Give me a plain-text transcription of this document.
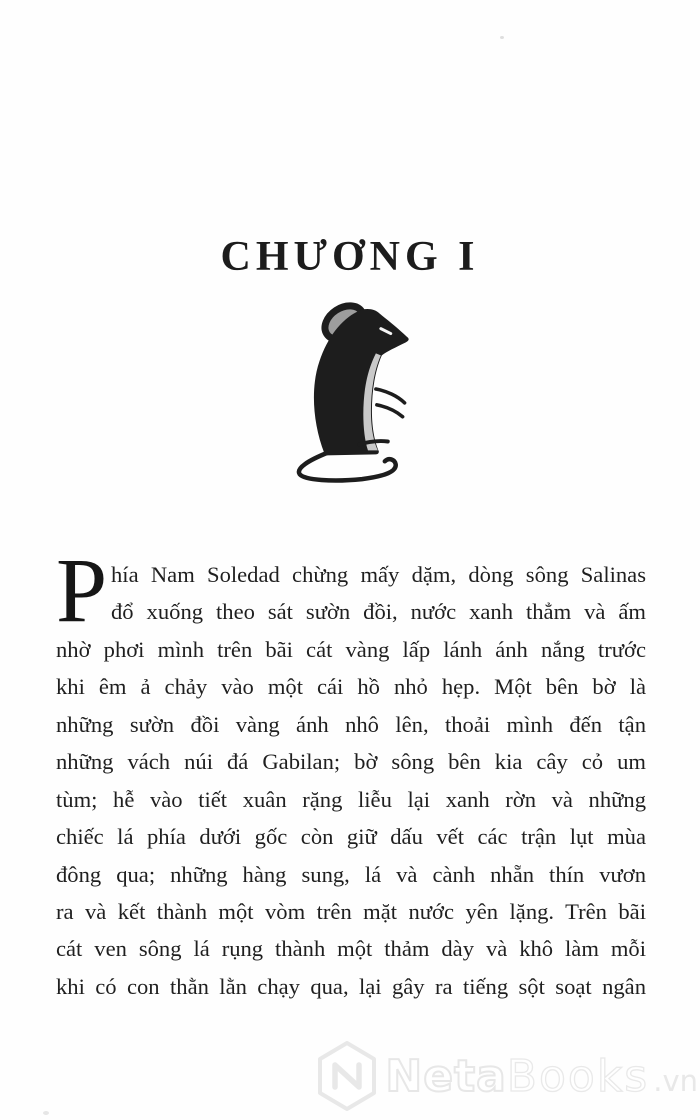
CHƯƠNG I
P hía Nam Soledad chừng mấy dặm, dòng sông Salinas
đổ xuống theo sát sườn đồi, nước xanh thẳm và ấm
nhờ phơi mình trên bãi cát vàng lấp lánh ánh nắng trước
khi êm ả chảy vào một cái hồ nhỏ hẹp. Một bên bờ là
những sườn đồi vàng ánh nhô lên, thoải mình đến tận
những vách núi đá Gabilan; bờ sông bên kia cây cỏ um
tùm; hễ vào tiết xuân rặng liễu lại xanh rờn và những
chiếc lá phía dưới gốc còn giữ dấu vết các trận lụt mùa
đông qua; những hàng sung, lá và cành nhẵn thín vươn
ra và kết thành một vòm trên mặt nước yên lặng. Trên bãi
cát ven sông lá rụng thành một thảm dày và khô làm mỗi
khi có con thằn lằn chạy qua, lại gây ra tiếng sột soạt ngân
Neta Books .vn
